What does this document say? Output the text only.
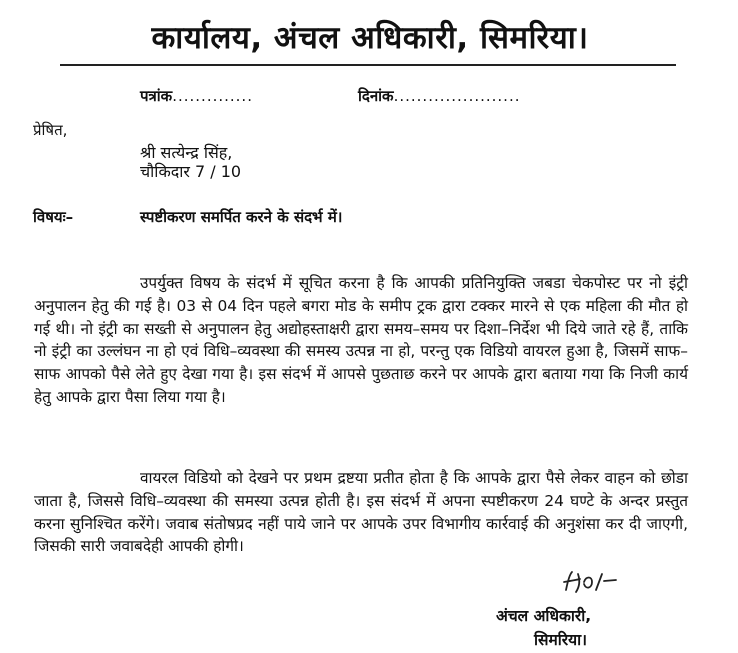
कार्यालय, अंचल अधिकारी, सिमरिया।
पत्रांक..............	दिनांक......................
प्रेषित,
श्री सत्येन्द्र सिंह,
चौकिदार 7 / 10
विषयः–	स्पष्टीकरण समर्पित करने के संदर्भ में।

उपर्युक्त विषय के संदर्भ में सूचित करना है कि आपकी प्रतिनियुक्ति जबडा चेकपोस्ट पर नो इंट्री अनुपालन हेतु की गई है। 03 से 04 दिन पहले बगरा मोड के समीप ट्रक द्वारा टक्कर मारने से एक महिला की मौत हो गई थी। नो इंट्री का सख्ती से अनुपालन हेतु अद्योहस्ताक्षरी द्वारा समय–समय पर दिशा–निर्देश भी दिये जाते रहे हैं, ताकि नो इंट्री का उल्लंघन ना हो एवं विधि–व्यवस्था की समस्य उत्पन्न ना हो, परन्तु एक विडियो वायरल हुआ है, जिसमें साफ–साफ आपको पैसे लेते हुए देखा गया है। इस संदर्भ में आपसे पुछताछ करने पर आपके द्वारा बताया गया कि निजी कार्य हेतु आपके द्वारा पैसा लिया गया है।

वायरल विडियो को देखने पर प्रथम द्रष्टया प्रतीत होता है कि आपके द्वारा पैसे लेकर वाहन को छोडा जाता है, जिससे विधि–व्यवस्था की समस्या उत्पन्न होती है। इस संदर्भ में अपना स्पष्टीकरण 24 घण्टे के अन्दर प्रस्तुत करना सुनिश्चित करेंगे। जवाब संतोषप्रद नहीं पाये जाने पर आपके उपर विभागीय कार्रवाई की अनुशंसा कर दी जाएगी, जिसकी सारी जवाबदेही आपकी होगी।

अंचल अधिकारी,
सिमरिया।
